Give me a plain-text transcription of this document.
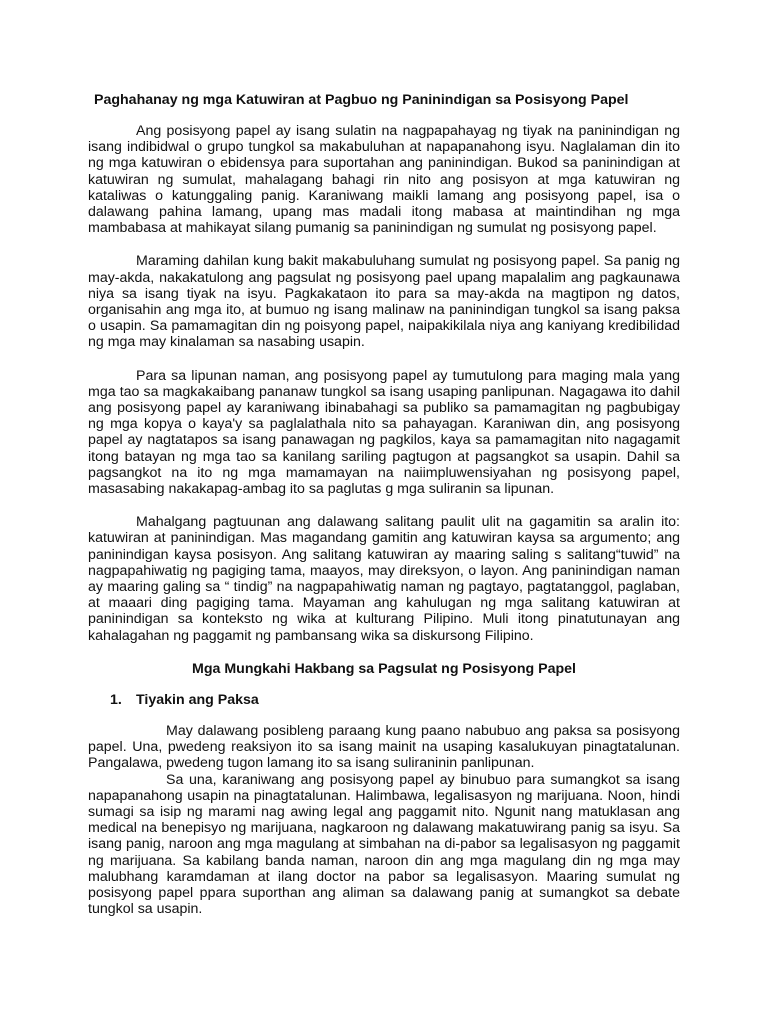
Paghahanay ng mga Katuwiran at Pagbuo ng Paninindigan sa Posisyong Papel

Ang posisyong papel ay isang sulatin na nagpapahayag ng tiyak na paninindigan ng isang indibidwal o grupo tungkol sa makabuluhan at napapanahong isyu. Naglalaman din ito ng mga katuwiran o ebidensya para suportahan ang paninindigan. Bukod sa paninindigan at katuwiran ng sumulat, mahalagang bahagi rin nito ang posisyon at mga katuwiran ng kataliwas o katunggaling panig. Karaniwang maikli lamang ang posisyong papel, isa o dalawang pahina lamang, upang mas madali itong mabasa at maintindihan ng mga mambabasa at mahikayat silang pumanig sa paninindigan ng sumulat ng posisyong papel.

Maraming dahilan kung bakit makabuluhang sumulat ng posisyong papel. Sa panig ng may-akda, nakakatulong ang pagsulat ng posisyong pael upang mapalalim ang pagkaunawa niya sa isang tiyak na isyu. Pagkakataon ito para sa may-akda na magtipon ng datos, organisahin ang mga ito, at bumuo ng isang malinaw na paninindigan tungkol sa isang paksa o usapin. Sa pamamagitan din ng poisyong papel, naipakikilala niya ang kaniyang kredibilidad ng mga may kinalaman sa nasabing usapin.

Para sa lipunan naman, ang posisyong papel ay tumutulong para maging mala yang mga tao sa magkakaibang pananaw tungkol sa isang usaping panlipunan. Nagagawa ito dahil ang posisyong papel ay karaniwang ibinabahagi sa publiko sa pamamagitan ng pagbubigay ng mga kopya o kaya'y sa paglalathala nito sa pahayagan. Karaniwan din, ang posisyong papel ay nagtatapos sa isang panawagan ng pagkilos, kaya sa pamamagitan nito nagagamit itong batayan ng mga tao sa kanilang sariling pagtugon at pagsangkot sa usapin. Dahil sa pagsangkot na ito ng mga mamamayan na naiimpluwensiyahan ng posisyong papel, masasabing nakakapag-ambag ito sa paglutas g mga suliranin sa lipunan.

Mahalgang pagtuunan ang dalawang salitang paulit ulit na gagamitin sa aralin ito: katuwiran at paninindigan. Mas magandang gamitin ang katuwiran kaysa sa argumento; ang paninindigan kaysa posisyon. Ang salitang katuwiran ay maaring saling s salitang“tuwid” na nagpapahiwatig ng pagiging tama, maayos, may direksyon, o layon. Ang paninindigan naman ay maaring galing sa “ tindig” na nagpapahiwatig naman ng pagtayo, pagtatanggol, paglaban, at maaari ding pagiging tama. Mayaman ang kahulugan ng mga salitang katuwiran at paninindigan sa konteksto ng wika at kulturang Pilipino. Muli itong pinatutunayan ang kahalagahan ng paggamit ng pambansang wika sa diskursong Filipino.

Mga Mungkahi Hakbang sa Pagsulat ng Posisyong Papel
1. Tiyakin ang Paksa

May dalawang posibleng paraang kung paano nabubuo ang paksa sa posisyong papel. Una, pwedeng reaksiyon ito sa isang mainit na usaping kasalukuyan pinagtatalunan. Pangalawa, pwedeng tugon lamang ito sa isang suliraninin panlipunan.

Sa una, karaniwang ang posisyong papel ay binubuo para sumangkot sa isang napapanahong usapin na pinagtatalunan. Halimbawa, legalisasyon ng marijuana. Noon, hindi sumagi sa isip ng marami nag awing legal ang paggamit nito. Ngunit nang matuklasan ang medical na benepisyo ng marijuana, nagkaroon ng dalawang makatuwirang panig sa isyu. Sa isang panig, naroon ang mga magulang at simbahan na di-pabor sa legalisasyon ng paggamit ng marijuana. Sa kabilang banda naman, naroon din ang mga magulang din ng mga may malubhang karamdaman at ilang doctor na pabor sa legalisasyon. Maaring sumulat ng posisyong papel ppara suporthan ang aliman sa dalawang panig at sumangkot sa debate tungkol sa usapin.
